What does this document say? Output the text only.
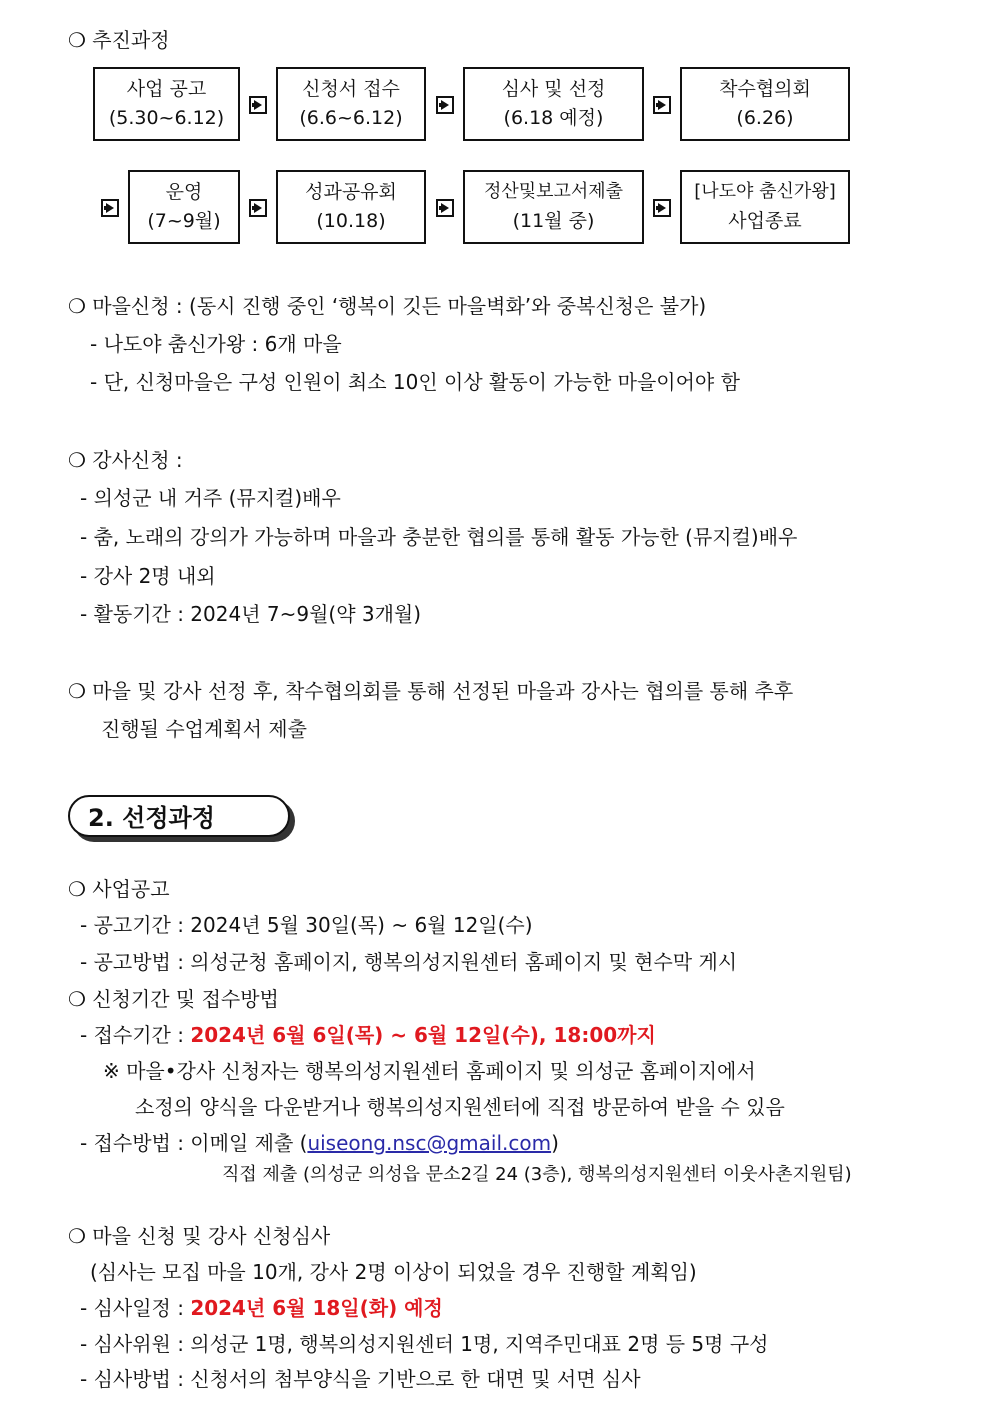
❍ 추진과정
사업 공고
(5.30~6.12)
신청서 접수
(6.6~6.12)
심사 및 선정
(6.18 예정)
착수협의회
(6.26)
운영
(7~9월)
성과공유회
(10.18)
정산및보고서제출
(11월 중)
[나도야 춤신가왕]
사업종료
❍ 마을신청 : (동시 진행 중인 ‘행복이 깃든 마을벽화’와 중복신청은 불가)
- 나도야 춤신가왕 : 6개 마을
- 단, 신청마을은 구성 인원이 최소 10인 이상 활동이 가능한 마을이어야 함
❍ 강사신청 :
- 의성군 내 거주 (뮤지컬)배우
- 춤, 노래의 강의가 가능하며 마을과 충분한 협의를 통해 활동 가능한 (뮤지컬)배우
- 강사 2명 내외
- 활동기간 : 2024년 7~9월(약 3개월)
❍ 마을 및 강사 선정 후, 착수협의회를 통해 선정된 마을과 강사는 협의를 통해 추후
진행될 수업계획서 제출
2. 선정과정
❍ 사업공고
- 공고기간 : 2024년 5월 30일(목) ~ 6월 12일(수)
- 공고방법 : 의성군청 홈페이지, 행복의성지원센터 홈페이지 및 현수막 게시
❍ 신청기간 및 접수방법
- 접수기간 : 2024년 6월 6일(목) ~ 6월 12일(수), 18:00까지
※ 마을•강사 신청자는 행복의성지원센터 홈페이지 및 의성군 홈페이지에서
소정의 양식을 다운받거나 행복의성지원센터에 직접 방문하여 받을 수 있음
- 접수방법 : 이메일 제출 (uiseong.nsc@gmail.com)
직접 제출 (의성군 의성읍 문소2길 24 (3층), 행복의성지원센터 이웃사촌지원팀)
❍ 마을 신청 및 강사 신청심사
(심사는 모집 마을 10개, 강사 2명 이상이 되었을 경우 진행할 계획임)
- 심사일정 : 2024년 6월 18일(화) 예정
- 심사위원 : 의성군 1명, 행복의성지원센터 1명, 지역주민대표 2명 등 5명 구성
- 심사방법 : 신청서의 첨부양식을 기반으로 한 대면 및 서면 심사
